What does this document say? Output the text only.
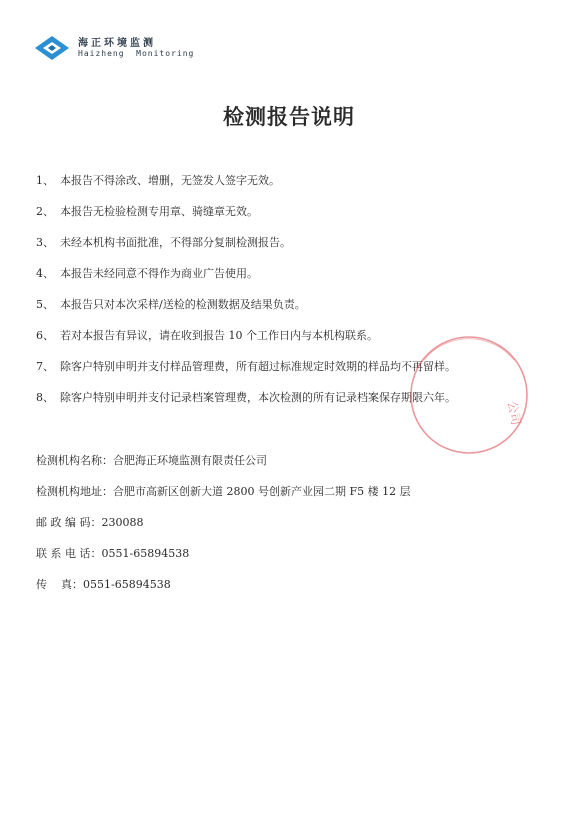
海正环境监测
Haizheng  Monitoring
检测报告说明
1、 本报告不得涂改、增删，无签发人签字无效。
2、 本报告无检验检测专用章、骑缝章无效。
3、 未经本机构书面批准，不得部分复制检测报告。
4、 本报告未经同意不得作为商业广告使用。
5、 本报告只对本次采样/送检的检测数据及结果负责。
6、 若对本报告有异议，请在收到报告 10 个工作日内与本机构联系。
7、 除客户特别申明并支付样品管理费，所有超过标准规定时效期的样品均不再留样。
8、 除客户特别申明并支付记录档案管理费，本次检测的所有记录档案保存期限六年。
公司
检测机构名称：合肥海正环境监测有限责任公司
检测机构地址：合肥市高新区创新大道 2800 号创新产业园二期 F5 楼 12 层
邮 政 编 码：230088
联 系 电 话：0551-65894538
传    真：0551-65894538
